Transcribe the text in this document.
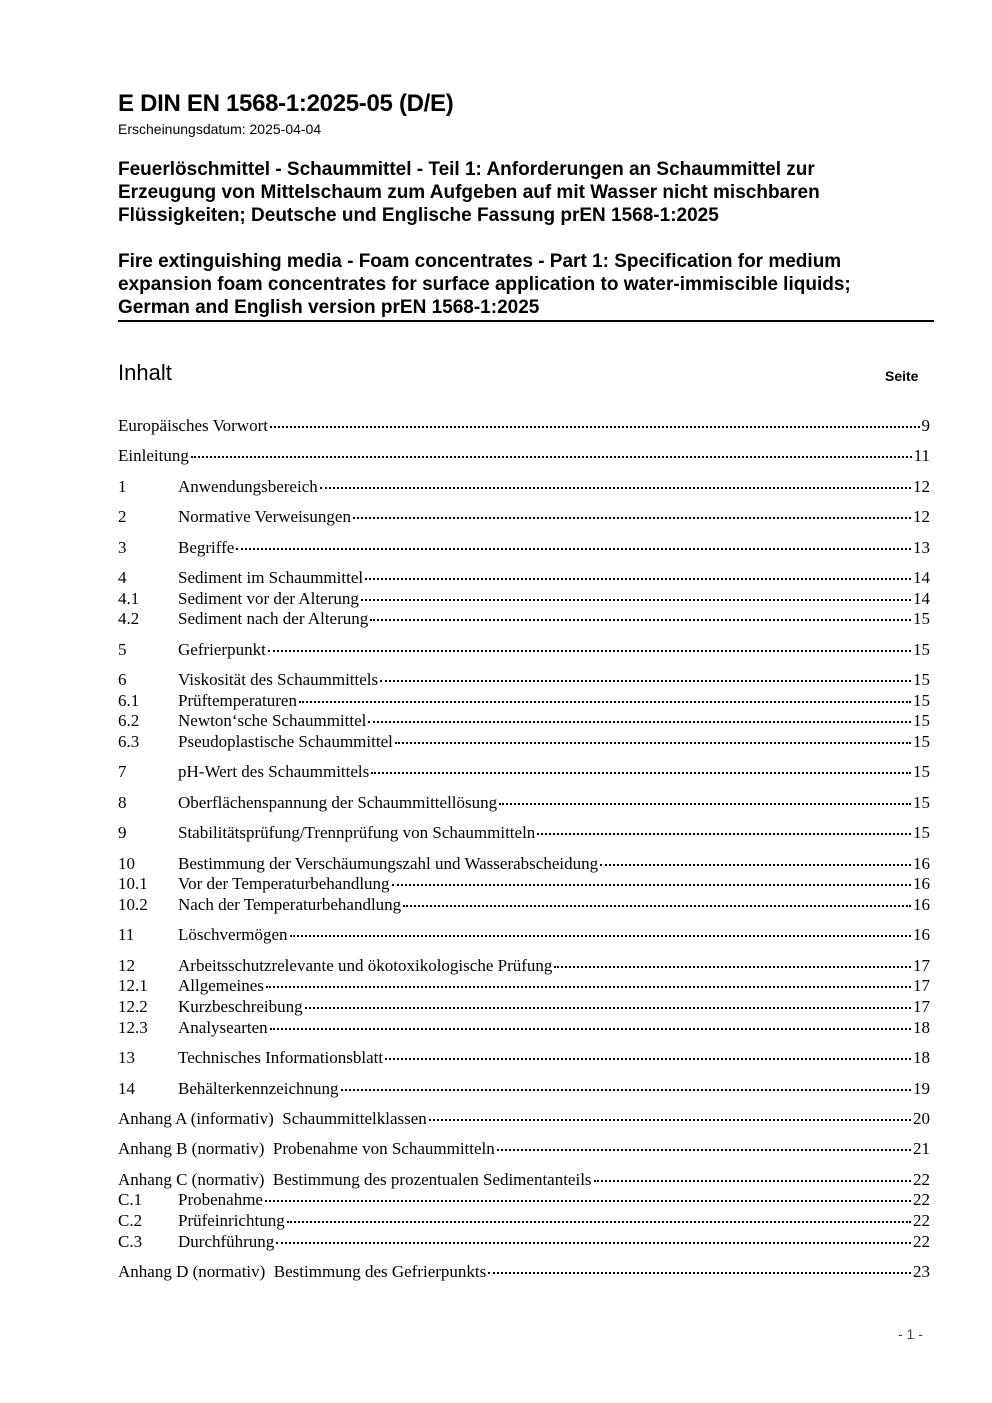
E DIN EN 1568-1:2025-05 (D/E)
Erscheinungsdatum: 2025-04-04
Feuerlöschmittel - Schaummittel - Teil 1: Anforderungen an Schaummittel zur Erzeugung von Mittelschaum zum Aufgeben auf mit Wasser nicht mischbaren Flüssigkeiten; Deutsche und Englische Fassung prEN 1568-1:2025
Fire extinguishing media - Foam concentrates - Part 1: Specification for medium expansion foam concentrates for surface application to water-immiscible liquids; German and English version prEN 1568-1:2025
Inhalt	Seite
Europäisches Vorwort	9
Einleitung	11
1	Anwendungsbereich	12
2	Normative Verweisungen	12
3	Begriffe	13
4	Sediment im Schaummittel	14
4.1	Sediment vor der Alterung	14
4.2	Sediment nach der Alterung	15
5	Gefrierpunkt	15
6	Viskosität des Schaummittels	15
6.1	Prüftemperaturen	15
6.2	Newton‘sche Schaummittel	15
6.3	Pseudoplastische Schaummittel	15
7	pH-Wert des Schaummittels	15
8	Oberflächenspannung der Schaummittellösung	15
9	Stabilitätsprüfung/Trennprüfung von Schaummitteln	15
10	Bestimmung der Verschäumungszahl und Wasserabscheidung	16
10.1	Vor der Temperaturbehandlung	16
10.2	Nach der Temperaturbehandlung	16
11	Löschvermögen	16
12	Arbeitsschutzrelevante und ökotoxikologische Prüfung	17
12.1	Allgemeines	17
12.2	Kurzbeschreibung	17
12.3	Analysearten	18
13	Technisches Informationsblatt	18
14	Behälterkennzeichnung	19
Anhang A (informativ)  Schaummittelklassen	20
Anhang B (normativ)  Probenahme von Schaummitteln	21
Anhang C (normativ)  Bestimmung des prozentualen Sedimentanteils	22
C.1	Probenahme	22
C.2	Prüfeinrichtung	22
C.3	Durchführung	22
Anhang D (normativ)  Bestimmung des Gefrierpunkts	23
- 1 -
